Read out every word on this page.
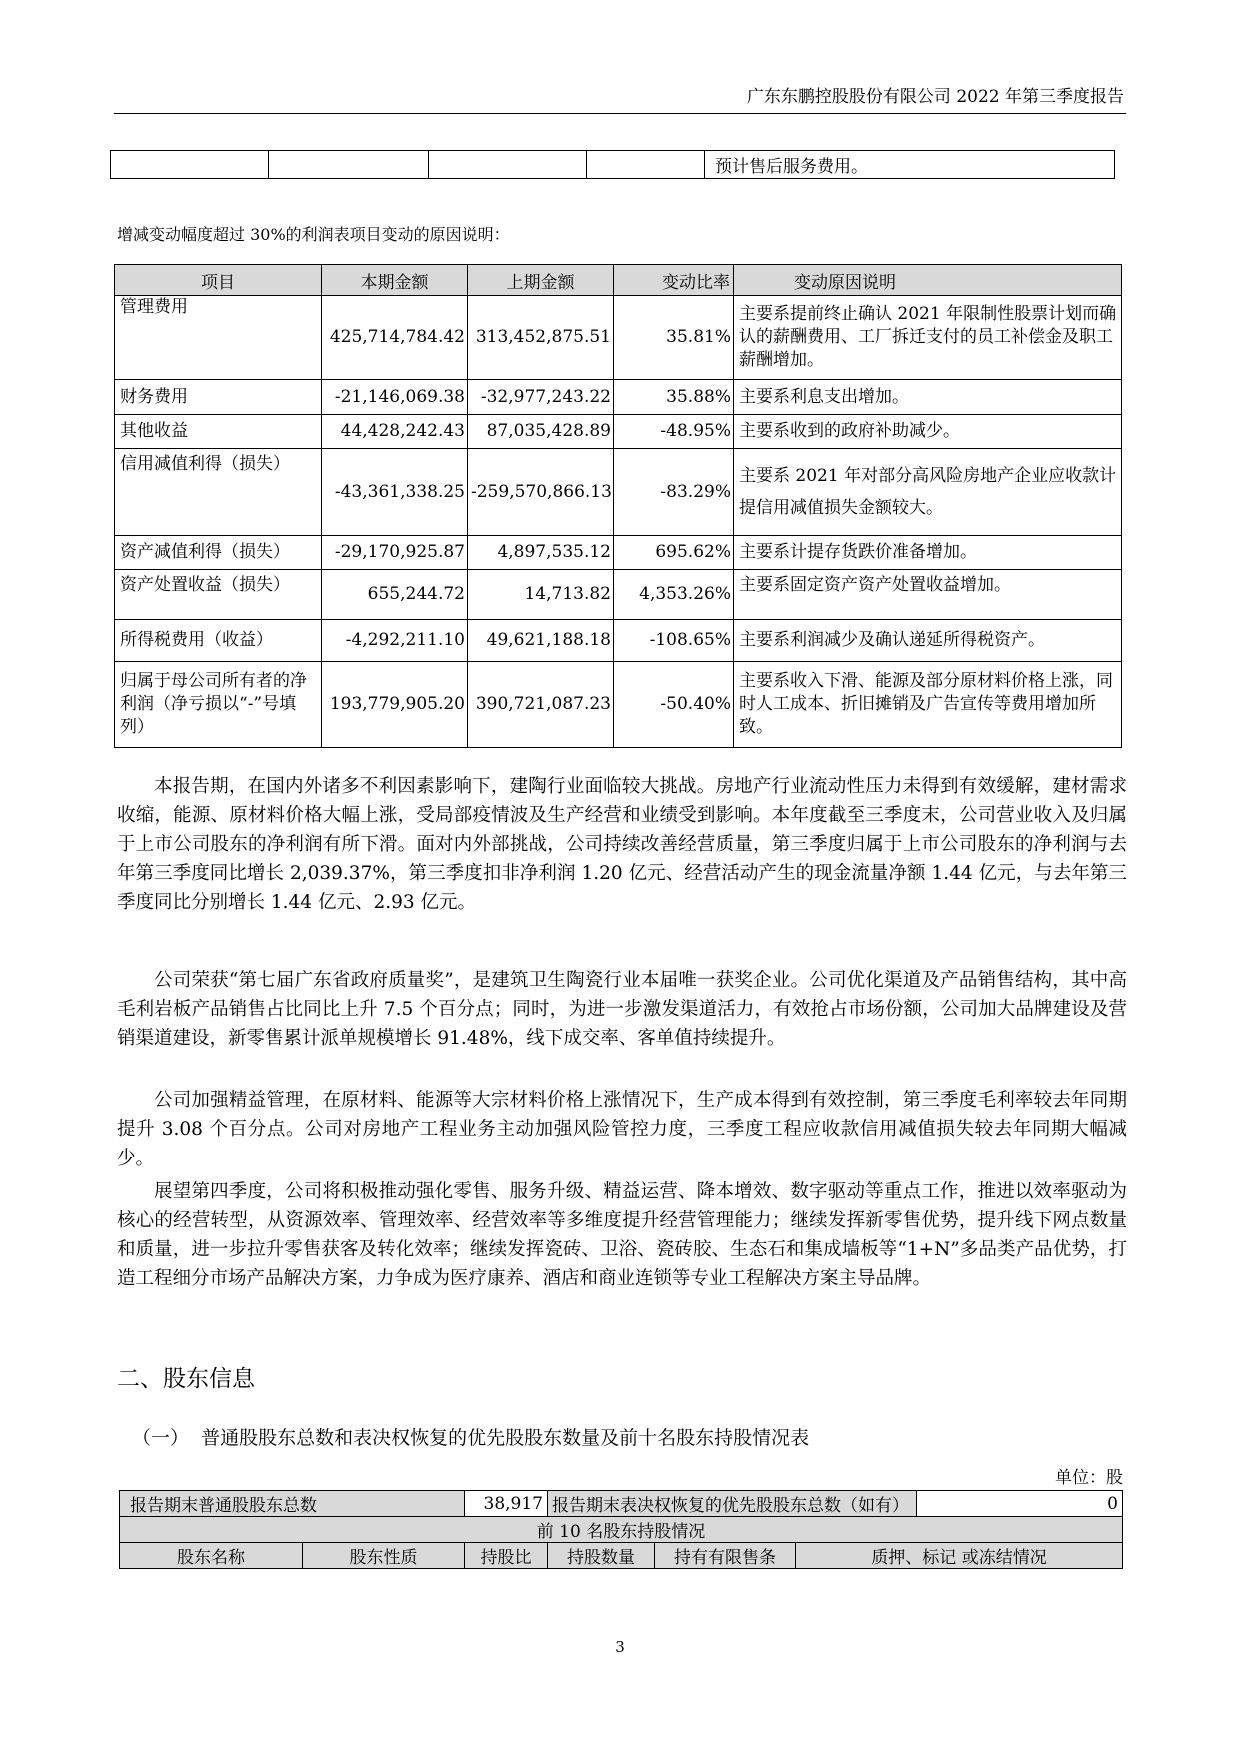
广东东鹏控股股份有限公司 2022 年第三季度报告
				预计售后服务费用。
增减变动幅度超过 30%的利润表项目变动的原因说明：
项目	本期金额	上期金额	变动比率	变动原因说明
管理费用	425,714,784.42	313,452,875.51	35.81%	主要系提前终止确认 2021 年限制性股票计划而确认的薪酬费用、工厂拆迁支付的员工补偿金及职工薪酬增加。
财务费用	-21,146,069.38	-32,977,243.22	35.88%	主要系利息支出增加。
其他收益	44,428,242.43	87,035,428.89	-48.95%	主要系收到的政府补助减少。
信用减值利得（损失）	-43,361,338.25	-259,570,866.13	-83.29%	主要系 2021 年对部分高风险房地产企业应收款计提信用减值损失金额较大。
资产减值利得（损失）	-29,170,925.87	4,897,535.12	695.62%	主要系计提存货跌价准备增加。
资产处置收益（损失）	655,244.72	14,713.82	4,353.26%	主要系固定资产资产处置收益增加。
所得税费用（收益）	-4,292,211.10	49,621,188.18	-108.65%	主要系利润减少及确认递延所得税资产。
归属于母公司所有者的净利润（净亏损以“-”号填列）	193,779,905.20	390,721,087.23	-50.40%	主要系收入下滑、能源及部分原材料价格上涨，同时人工成本、折旧摊销及广告宣传等费用增加所致。

本报告期，在国内外诸多不利因素影响下，建陶行业面临较大挑战。房地产行业流动性压力未得到有效缓解，建材需求收缩，能源、原材料价格大幅上涨，受局部疫情波及生产经营和业绩受到影响。本年度截至三季度末，公司营业收入及归属于上市公司股东的净利润有所下滑。面对内外部挑战，公司持续改善经营质量，第三季度归属于上市公司股东的净利润与去年第三季度同比增长 2,039.37%，第三季度扣非净利润 1.20 亿元、经营活动产生的现金流量净额 1.44 亿元，与去年第三季度同比分别增长 1.44 亿元、2.93 亿元。

公司荣获“第七届广东省政府质量奖”，是建筑卫生陶瓷行业本届唯一获奖企业。公司优化渠道及产品销售结构，其中高毛利岩板产品销售占比同比上升 7.5 个百分点；同时，为进一步激发渠道活力，有效抢占市场份额，公司加大品牌建设及营销渠道建设，新零售累计派单规模增长 91.48%，线下成交率、客单值持续提升。

公司加强精益管理，在原材料、能源等大宗材料价格上涨情况下，生产成本得到有效控制，第三季度毛利率较去年同期提升 3.08 个百分点。公司对房地产工程业务主动加强风险管控力度，三季度工程应收款信用减值损失较去年同期大幅减少。

展望第四季度，公司将积极推动强化零售、服务升级、精益运营、降本增效、数字驱动等重点工作，推进以效率驱动为核心的经营转型，从资源效率、管理效率、经营效率等多维度提升经营管理能力；继续发挥新零售优势，提升线下网点数量和质量，进一步拉升零售获客及转化效率；继续发挥瓷砖、卫浴、瓷砖胶、生态石和集成墙板等“1+N”多品类产品优势，打造工程细分市场产品解决方案，力争成为医疗康养、酒店和商业连锁等专业工程解决方案主导品牌。

二、股东信息
（一）  普通股股东总数和表决权恢复的优先股股东数量及前十名股东持股情况表
单位：股
报告期末普通股股东总数		38,917	报告期末表决权恢复的优先股股东总数（如有）			0
前 10 名股东持股情况						
股东名称	股东性质	持股比	持股数量	持有有限售条	质押、标记 或冻结情况	
3
